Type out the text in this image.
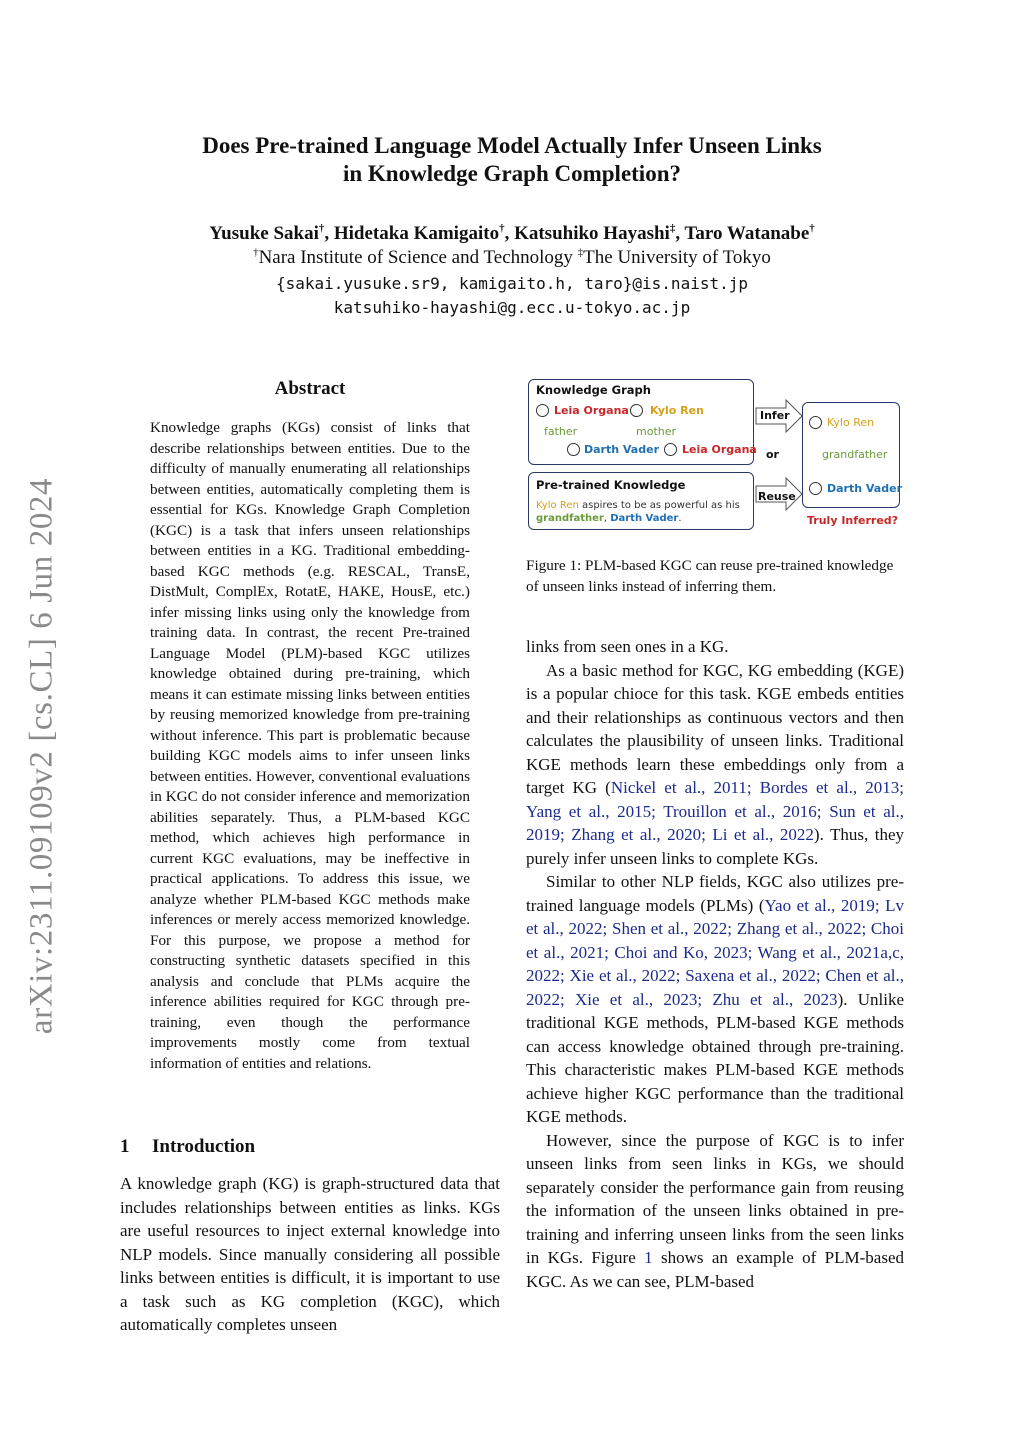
arXiv:2311.09109v2 [cs.CL] 6 Jun 2024
Does Pre-trained Language Model Actually Infer Unseen Links
in Knowledge Graph Completion?
Yusuke Sakai†, Hidetaka Kamigaito†, Katsuhiko Hayashi‡, Taro Watanabe†
†Nara Institute of Science and Technology ‡The University of Tokyo
{sakai.yusuke.sr9, kamigaito.h, taro}@is.naist.jp
katsuhiko-hayashi@g.ecc.u-tokyo.ac.jp
Abstract
Knowledge graphs (KGs) consist of links that describe relationships between entities. Due to the difficulty of manually enumerating all relationships between entities, automatically completing them is essential for KGs. Knowledge Graph Completion (KGC) is a task that infers unseen relationships between entities in a KG. Traditional embedding-based KGC methods (e.g. RESCAL, TransE, DistMult, ComplEx, RotatE, HAKE, HousE, etc.) infer missing links using only the knowledge from training data. In contrast, the recent Pre-trained Language Model (PLM)-based KGC utilizes knowledge obtained during pre-training, which means it can estimate missing links between entities by reusing memorized knowledge from pre-training without inference. This part is problematic because building KGC models aims to infer unseen links between entities. However, conventional evaluations in KGC do not consider inference and memorization abilities separately. Thus, a PLM-based KGC method, which achieves high performance in current KGC evaluations, may be ineffective in practical applications. To address this issue, we analyze whether PLM-based KGC methods make inferences or merely access memorized knowledge. For this purpose, we propose a method for constructing synthetic datasets specified in this analysis and conclude that PLMs acquire the inference abilities required for KGC through pre-training, even though the performance improvements mostly come from textual information of entities and relations.
1 Introduction
A knowledge graph (KG) is graph-structured data that includes relationships between entities as links. KGs are useful resources to inject external knowledge into NLP models. Since manually considering all possible links between entities is difficult, it is important to use a task such as KG completion (KGC), which automatically completes unseen
Knowledge Graph
Leia Organa Kylo Ren
father	mother
Darth Vader Leia Organa
Infer
or
Reuse
Pre-trained Knowledge
Kylo Ren aspires to be as powerful as his
grandfather, Darth Vader.
Kylo Ren
grandfather
Darth Vader
Truly Inferred?
Figure 1: PLM-based KGC can reuse pre-trained knowledge of unseen links instead of inferring them.

links from seen ones in a KG.

As a basic method for KGC, KG embedding (KGE) is a popular chioce for this task. KGE embeds entities and their relationships as continuous vectors and then calculates the plausibility of unseen links. Traditional KGE methods learn these embeddings only from a target KG (Nickel et al., 2011; Bordes et al., 2013; Yang et al., 2015; Trouillon et al., 2016; Sun et al., 2019; Zhang et al., 2020; Li et al., 2022). Thus, they purely infer unseen links to complete KGs.

Similar to other NLP fields, KGC also utilizes pre-trained language models (PLMs) (Yao et al., 2019; Lv et al., 2022; Shen et al., 2022; Zhang et al., 2022; Choi et al., 2021; Choi and Ko, 2023; Wang et al., 2021a,c, 2022; Xie et al., 2022; Saxena et al., 2022; Chen et al., 2022; Xie et al., 2023; Zhu et al., 2023). Unlike traditional KGE methods, PLM-based KGE methods can access knowledge obtained through pre-training. This characteristic makes PLM-based KGE methods achieve higher KGC performance than the traditional KGE methods.

However, since the purpose of KGC is to infer unseen links from seen links in KGs, we should separately consider the performance gain from reusing the information of the unseen links obtained in pre-training and inferring unseen links from the seen links in KGs. Figure 1 shows an example of PLM-based KGC. As we can see, PLM-based
